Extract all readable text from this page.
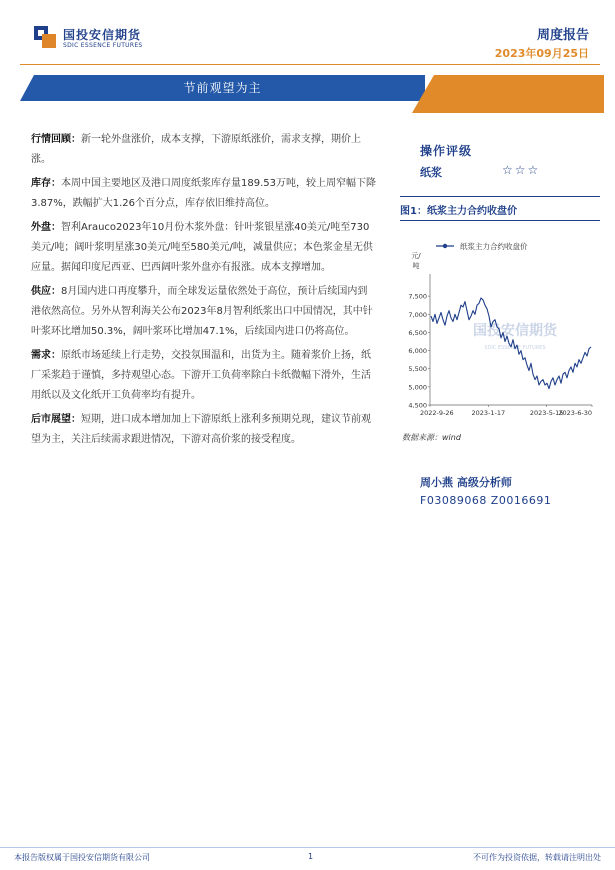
国投安信期货
SDIC ESSENCE FUTURES
周度报告
2023年09月25日
节前观望为主
纸浆周报

行情回顾：新一轮外盘涨价，成本支撑，下游原纸涨价，需求支撑，期价上涨。

库存：本周中国主要地区及港口周度纸浆库存量189.53万吨，较上周窄幅下降3.87%，跌幅扩大1.26个百分点，库存依旧维持高位。

外盘：智利Arauco2023年10月份木浆外盘：针叶浆银星涨40美元/吨至730美元/吨；阔叶浆明星涨30美元/吨至580美元/吨，减量供应；本色浆金星无供应量。据闻印度尼西亚、巴西阔叶浆外盘亦有报涨。成本支撑增加。

供应：8月国内进口再度攀升，而全球发运量依然处于高位，预计后续国内到港依然高位。另外从智利海关公布2023年8月智利纸浆出口中国情况，其中针叶浆环比增加50.3%，阔叶浆环比增加47.1%，后续国内进口仍将高位。

需求：原纸市场延续上行走势，交投氛围温和，出货为主。随着浆价上扬，纸厂采浆趋于谨慎，多持观望心态。下游开工负荷率除白卡纸微幅下滑外，生活用纸以及文化纸开工负荷率均有提升。

后市展望：短期，进口成本增加加上下游原纸上涨利多预期兑现，建议节前观望为主，关注后续需求跟进情况，下游对高价浆的接受程度。

操作评级
纸浆	☆☆☆
图1：纸浆主力合约收盘价
国投安信期货
SDIC ESSENCE FUTURES
纸浆主力合约收盘价
元/
吨
4,500
5,000
5,500
6,000
6,500
7,000
7,500
2022-9-26	2023-1-17	2023-5-15
2023-6-30
数据来源：wind
周小燕 高级分析师
F03089068 Z0016691
本报告版权属于国投安信期货有限公司	1	不可作为投资依据，转载请注明出处
